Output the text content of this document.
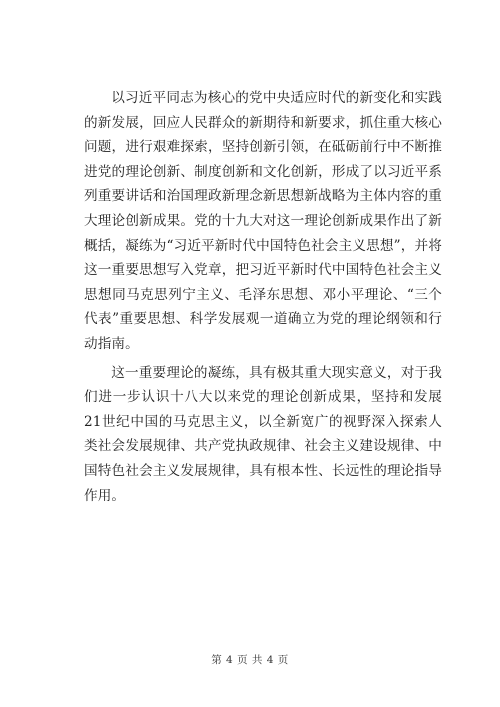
以习近平同志为核心的党中央适应时代的新变化和实践的新发展，回应人民群众的新期待和新要求，抓住重大核心问题，进行艰难探索，坚持创新引领，在砥砺前行中不断推进党的理论创新、制度创新和文化创新，形成了以习近平系列重要讲话和治国理政新理念新思想新战略为主体内容的重大理论创新成果。党的十九大对这一理论创新成果作出了新概括，凝练为“习近平新时代中国特色社会主义思想”，并将这一重要思想写入党章，把习近平新时代中国特色社会主义思想同马克思列宁主义、毛泽东思想、邓小平理论、“三个代表”重要思想、科学发展观一道确立为党的理论纲领和行动指南。

这一重要理论的凝练，具有极其重大现实意义，对于我们进一步认识十八大以来党的理论创新成果，坚持和发展21世纪中国的马克思主义，以全新宽广的视野深入探索人类社会发展规律、共产党执政规律、社会主义建设规律、中国特色社会主义发展规律，具有根本性、长远性的理论指导作用。

第 4 页 共 4 页
